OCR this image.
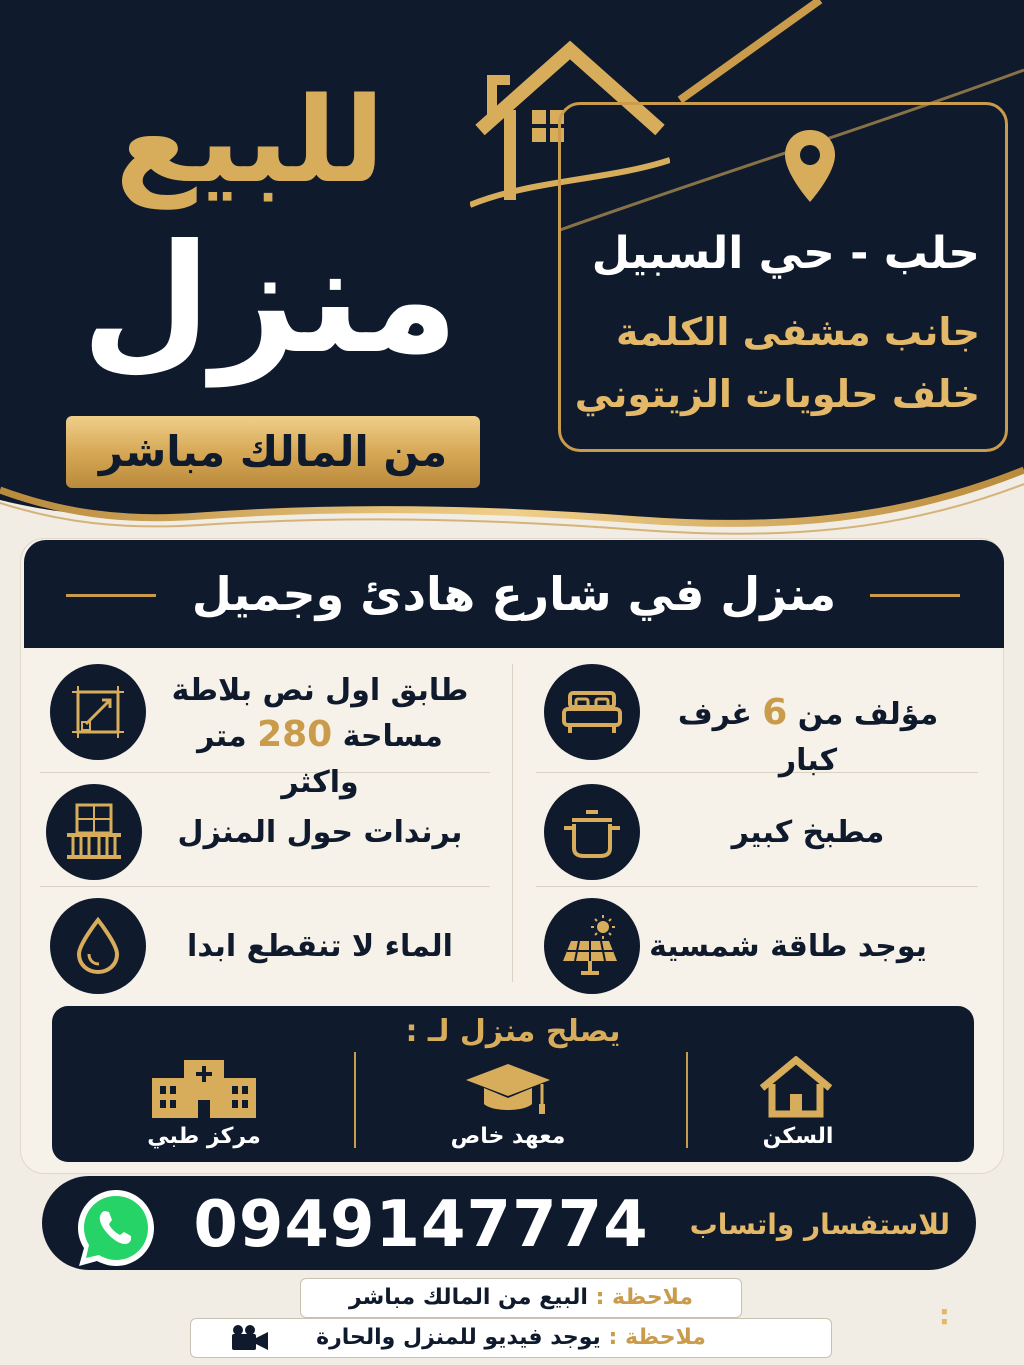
للبيع
منزل
من المالك مباشر
حلب - حي السبيل
جانب مشفى الكلمة
خلف حلويات الزيتوني
منزل في شارع هادئ وجميل
مؤلف من 6 غرف كبار
طابق اول نص بلاطة
مساحة 280 متر واكثر
مطبخ كبير
برندات حول المنزل
يوجد طاقة شمسية
الماء لا تنقطع ابدا
يصلح منزل لـ :
السكن
معهد خاص
مركز طبي
0949147774	للاستفسار واتساب :
ملاحظة : البيع من المالك مباشر
ملاحظة : يوجد فيديو للمنزل والحارة
